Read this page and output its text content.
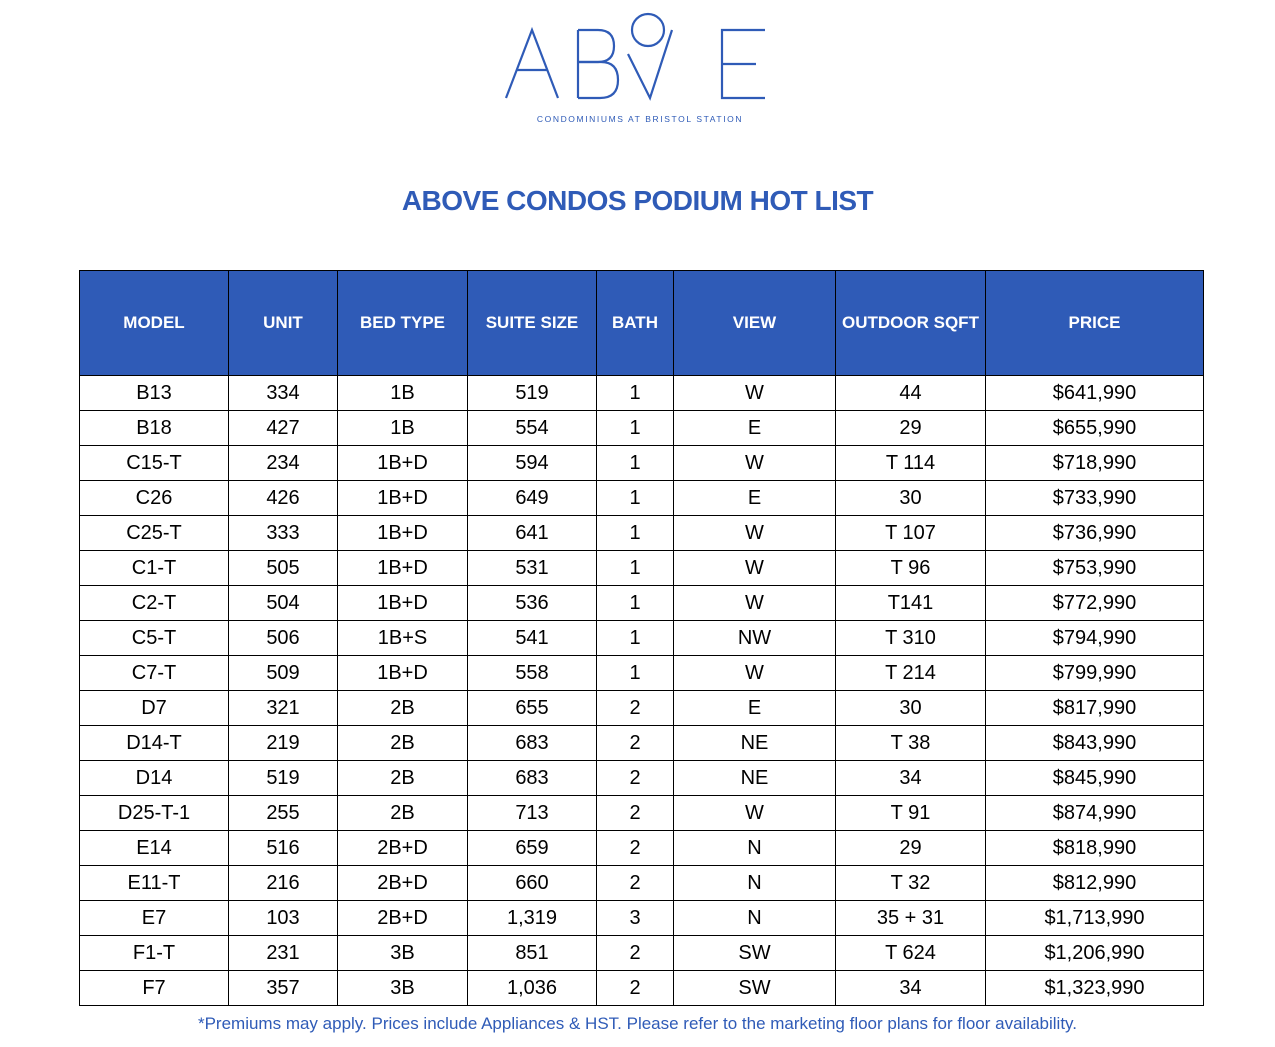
CONDOMINIUMS AT BRISTOL STATION
ABOVE CONDOS PODIUM HOT LIST
MODEL	UNIT	BED TYPE	SUITE SIZE	BATH	VIEW	OUTDOOR SQFT	PRICE
B13	334	1B	519	1	W	44	$641,990
B18	427	1B	554	1	E	29	$655,990
C15-T	234	1B+D	594	1	W	T 114	$718,990
C26	426	1B+D	649	1	E	30	$733,990
C25-T	333	1B+D	641	1	W	T 107	$736,990
C1-T	505	1B+D	531	1	W	T 96	$753,990
C2-T	504	1B+D	536	1	W	T141	$772,990
C5-T	506	1B+S	541	1	NW	T 310	$794,990
C7-T	509	1B+D	558	1	W	T 214	$799,990
D7	321	2B	655	2	E	30	$817,990
D14-T	219	2B	683	2	NE	T 38	$843,990
D14	519	2B	683	2	NE	34	$845,990
D25-T-1	255	2B	713	2	W	T 91	$874,990
E14	516	2B+D	659	2	N	29	$818,990
E11-T	216	2B+D	660	2	N	T 32	$812,990
E7	103	2B+D	1,319	3	N	35 + 31	$1,713,990
F1-T	231	3B	851	2	SW	T 624	$1,206,990
F7	357	3B	1,036	2	SW	34	$1,323,990
*Premiums may apply. Prices include Appliances & HST. Please refer to the marketing floor plans for floor availability.
